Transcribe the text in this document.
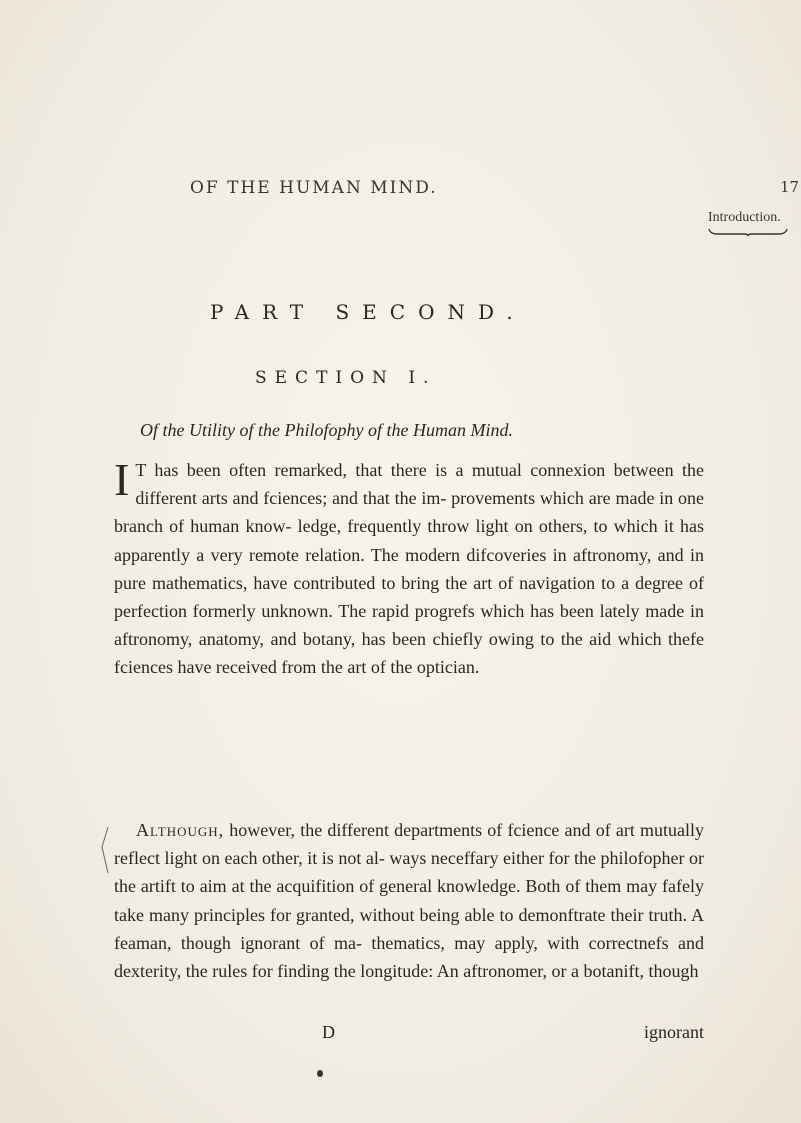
OF THE HUMAN MIND.	17
Introduction.
PART SECOND.
SECTION I.
Of the Utility of the Philofophy of the Human Mind.
I T has been often remarked, that there is a mutual connexion between the different arts and fciences; and that the im- provements which are made in one branch of human know- ledge, frequently throw light on others, to which it has apparently a very remote relation. The modern difcoveries in aftronomy, and in pure mathematics, have contributed to bring the art of navigation to a degree of perfection formerly unknown. The rapid progrefs which has been lately made in aftronomy, anatomy, and botany, has been chiefly owing to the aid which thefe fciences have received from the art of the optician.
Although, however, the different departments of fcience and of art mutually reflect light on each other, it is not al- ways neceffary either for the philofopher or the artift to aim at the acquifition of general knowledge. Both of them may fafely take many principles for granted, without being able to demonftrate their truth. A feaman, though ignorant of ma- thematics, may apply, with correctnefs and dexterity, the rules for finding the longitude: An aftronomer, or a botanift, though
D	ignorant
